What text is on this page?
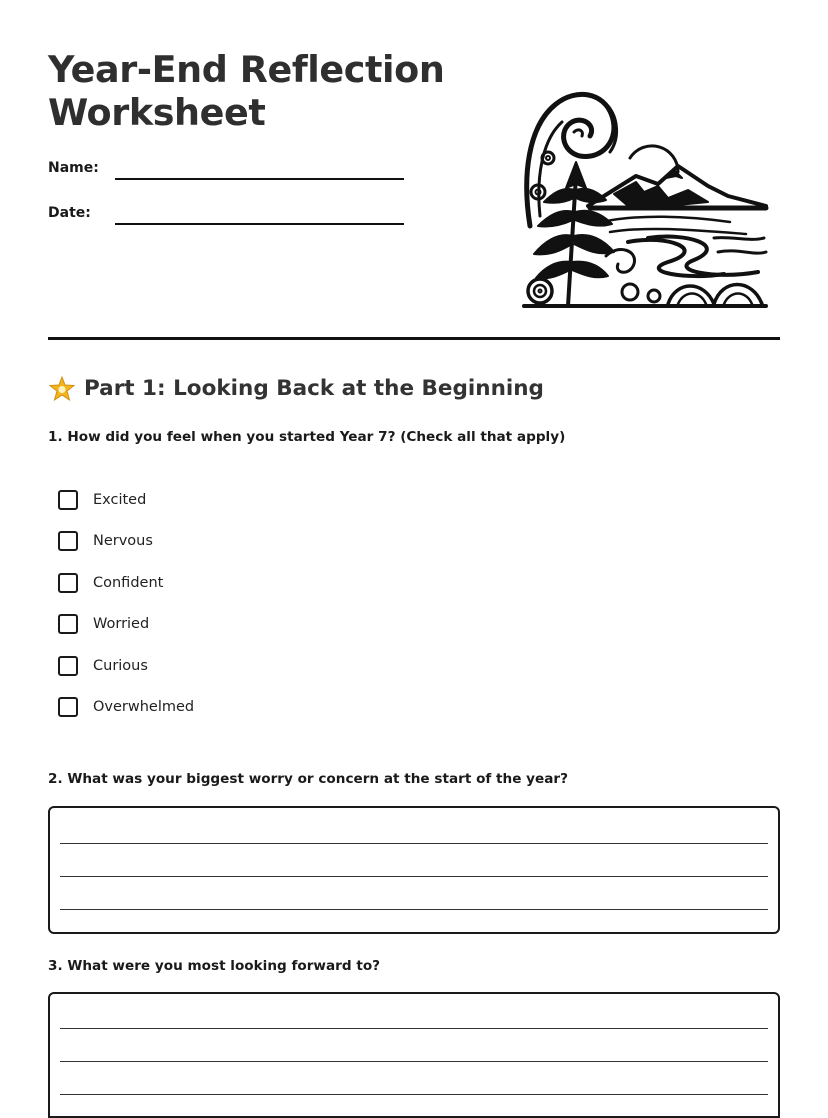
Year-End Reflection
Worksheet
Name:
Date:
Part 1: Looking Back at the Beginning

1. How did you feel when you started Year 7? (Check all that apply)

Excited
Nervous
Confident
Worried
Curious
Overwhelmed

2. What was your biggest worry or concern at the start of the year?

3. What were you most looking forward to?
